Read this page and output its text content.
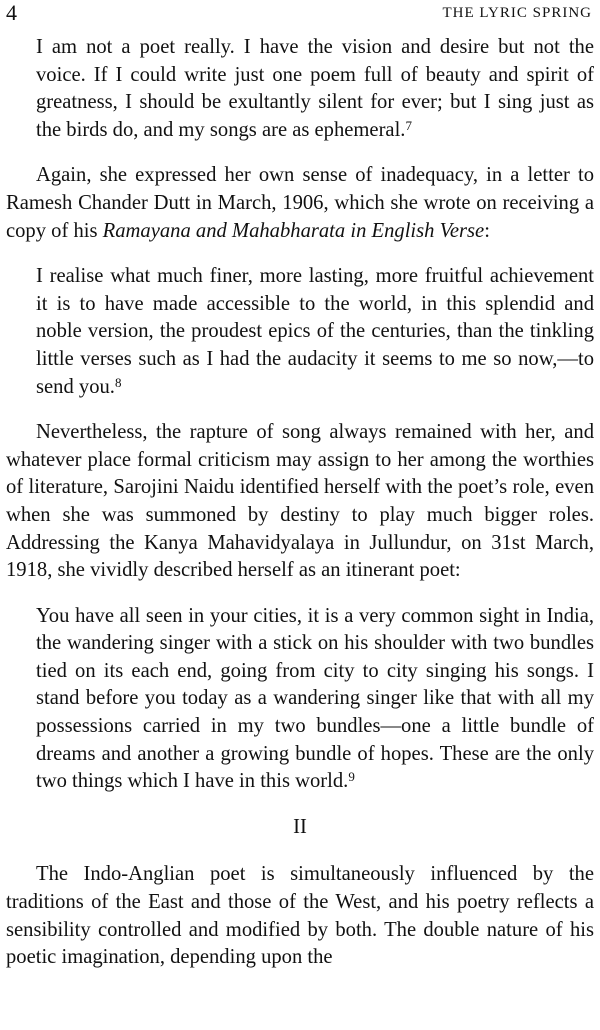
4	THE LYRIC SPRING

I am not a poet really. I have the vision and desire but not the voice. If I could write just one poem full of beauty and spirit of greatness, I should be exultantly silent for ever; but I sing just as the birds do, and my songs are as ephemeral.$^7$

Again, she expressed her own sense of inadequacy, in a letter to Ramesh Chander Dutt in March, 1906, which she wrote on receiving a copy of his Ramayana and Mahabharata in English Verse:

I realise what much finer, more lasting, more fruitful achievement it is to have made accessible to the world, in this splendid and noble version, the proudest epics of the centuries, than the tinkling little verses such as I had the audacity it seems to me so now,—to send you.$^8$

Nevertheless, the rapture of song always remained with her, and whatever place formal criticism may assign to her among the worthies of literature, Sarojini Naidu identified herself with the poet’s role, even when she was summoned by destiny to play much bigger roles. Addressing the Kanya Mahavidyalaya in Jullundur, on 31st March, 1918, she vividly described herself as an itinerant poet:

You have all seen in your cities, it is a very common sight in India, the wandering singer with a stick on his shoulder with two bundles tied on its each end, going from city to city singing his songs. I stand before you today as a wandering singer like that with all my possessions carried in my two bundles—one a little bundle of dreams and another a growing bundle of hopes. These are the only two things which I have in this world.$^9$

II

The Indo-Anglian poet is simultaneously influenced by the traditions of the East and those of the West, and his poetry reflects a sensibility controlled and modified by both. The double nature of his poetic imagination, depending upon the
